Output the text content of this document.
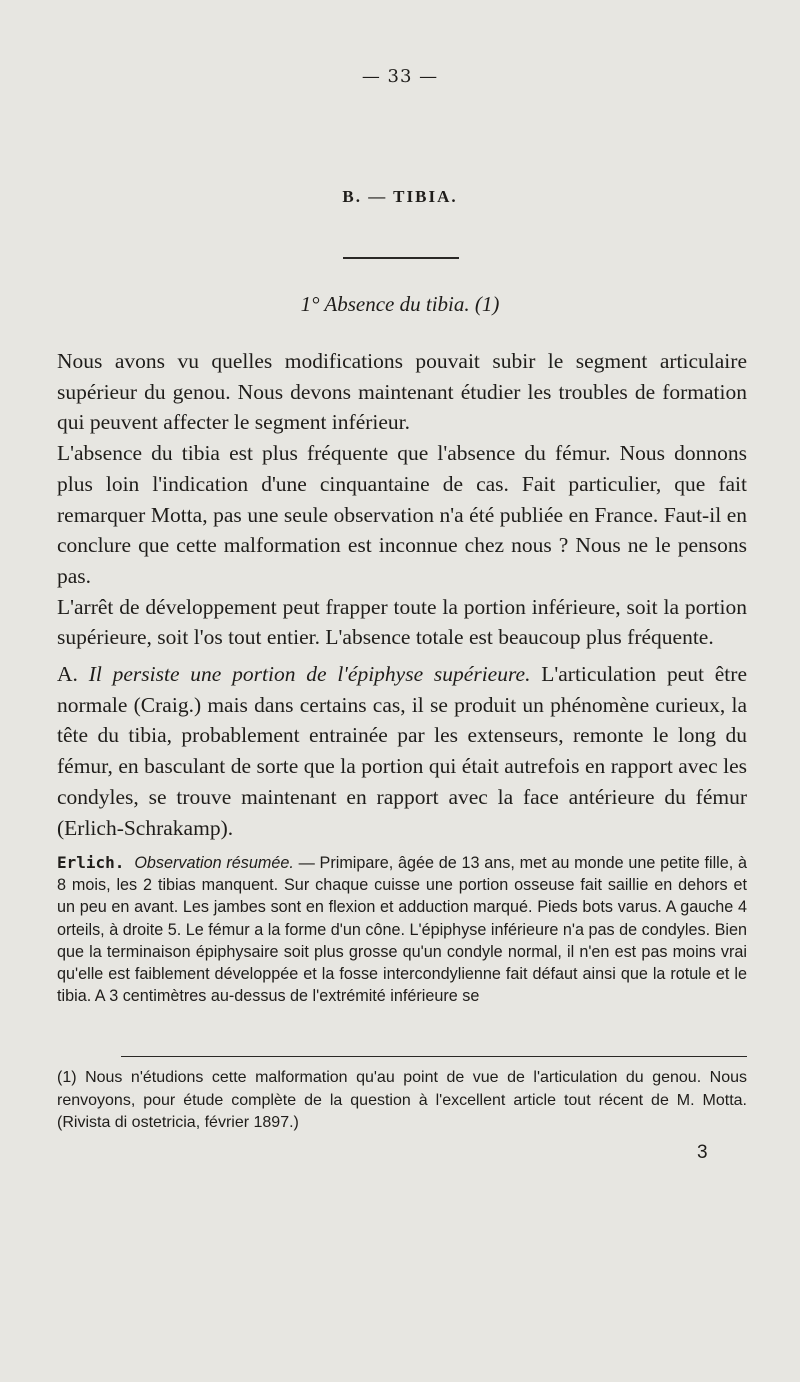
— 33 —
B. — TIBIA.
1° Absence du tibia. (1)

Nous avons vu quelles modifications pouvait subir le segment articulaire supérieur du genou. Nous devons maintenant étudier les troubles de formation qui peuvent affecter le segment inférieur.

L'absence du tibia est plus fréquente que l'absence du fémur. Nous donnons plus loin l'indication d'une cinquantaine de cas. Fait particulier, que fait remarquer Motta, pas une seule observation n'a été publiée en France. Faut-il en conclure que cette malformation est inconnue chez nous ? Nous ne le pensons pas.

L'arrêt de développement peut frapper toute la portion inférieure, soit la portion supérieure, soit l'os tout entier. L'absence totale est beaucoup plus fréquente.

A. Il persiste une portion de l'épiphyse supérieure. L'articulation peut être normale (Craig.) mais dans certains cas, il se produit un phénomène curieux, la tête du tibia, probablement entrainée par les extenseurs, remonte le long du fémur, en basculant de sorte que la portion qui était autrefois en rapport avec les condyles, se trouve maintenant en rapport avec la face antérieure du fémur (Erlich-Schrakamp).

Erlich. Observation résumée. — Primipare, âgée de 13 ans, met au monde une petite fille, à 8 mois, les 2 tibias manquent. Sur chaque cuisse une portion osseuse fait saillie en dehors et un peu en avant. Les jambes sont en flexion et adduction marqué. Pieds bots varus. A gauche 4 orteils, à droite 5. Le fémur a la forme d'un cône. L'épiphyse inférieure n'a pas de condyles. Bien que la terminaison épiphysaire soit plus grosse qu'un condyle normal, il n'en est pas moins vrai qu'elle est faiblement développée et la fosse intercondylienne fait défaut ainsi que la rotule et le tibia. A 3 centimètres au-dessus de l'extrémité inférieure se
(1) Nous n'étudions cette malformation qu'au point de vue de l'articulation du genou. Nous renvoyons, pour étude complète de la question à l'excellent article tout récent de M. Motta. (Rivista di ostetricia, février 1897.)
3
